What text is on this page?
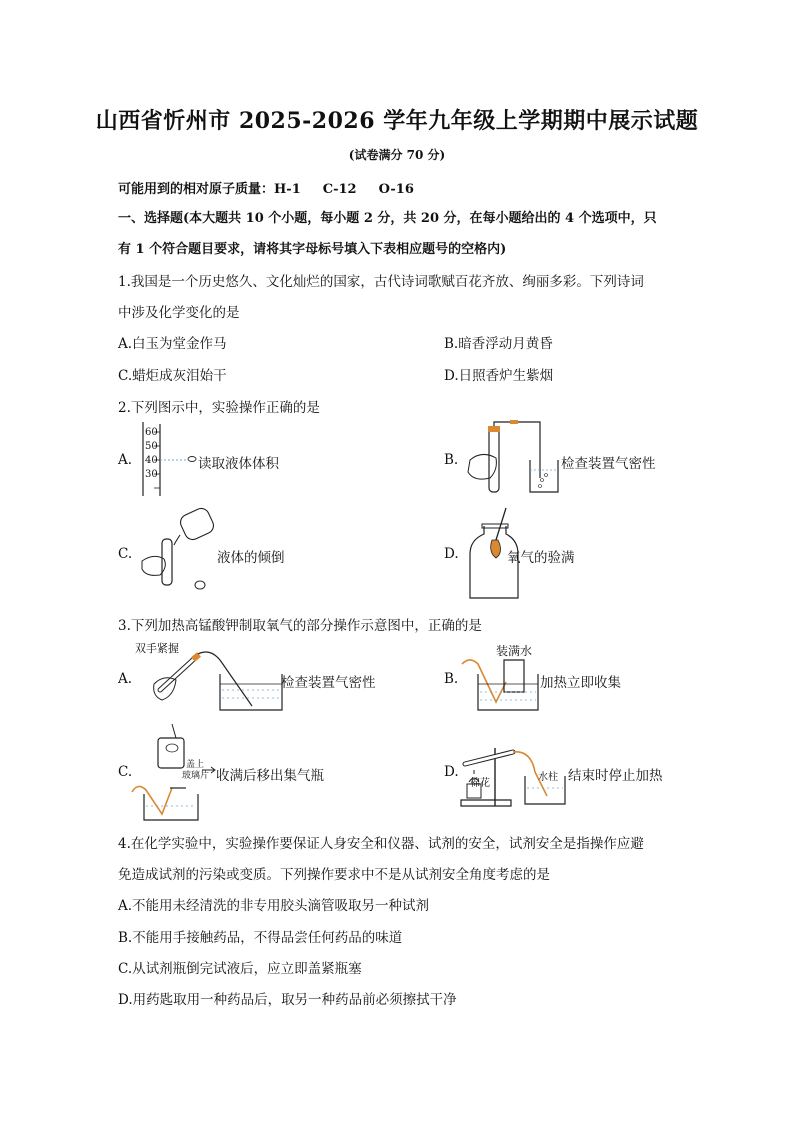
山西省忻州市 2025-2026 学年九年级上学期期中展示试题
(试卷满分 70 分)
可能用到的相对原子质量：H-1 C-12 O-16
一、选择题(本大题共 10 个小题，每小题 2 分，共 20 分，在每小题给出的 4 个选项中，只
有 1 个符合题目要求，请将其字母标号填入下表相应题号的空格内)
1.我国是一个历史悠久、文化灿烂的国家，古代诗词歌赋百花齐放、绚丽多彩。下列诗词
中涉及化学变化的是
A.白玉为堂金作马	B.暗香浮动月黄昏
C.蜡炬成灰泪始干	D.日照香炉生紫烟
2.下列图示中，实验操作正确的是
A.
60
50
40
30
读取液体体积	B.	检查装置气密性
C.	液体的倾倒	D.	氧气的验满
3.下列加热高锰酸钾制取氧气的部分操作示意图中，正确的是
A.
双手紧握
检查装置气密性	B.
装满水
加热立即收集
C.	盖上
玻璃片 收满后移出集气瓶	D.
棉花
水柱 结束时停止加热
4.在化学实验中，实验操作要保证人身安全和仪器、试剂的安全，试剂安全是指操作应避
免造成试剂的污染或变质。下列操作要求中不是从试剂安全角度考虑的是
A.不能用未经清洗的非专用胶头滴管吸取另一种试剂
B.不能用手接触药品，不得品尝任何药品的味道
C.从试剂瓶倒完试液后，应立即盖紧瓶塞
D.用药匙取用一种药品后，取另一种药品前必须擦拭干净
